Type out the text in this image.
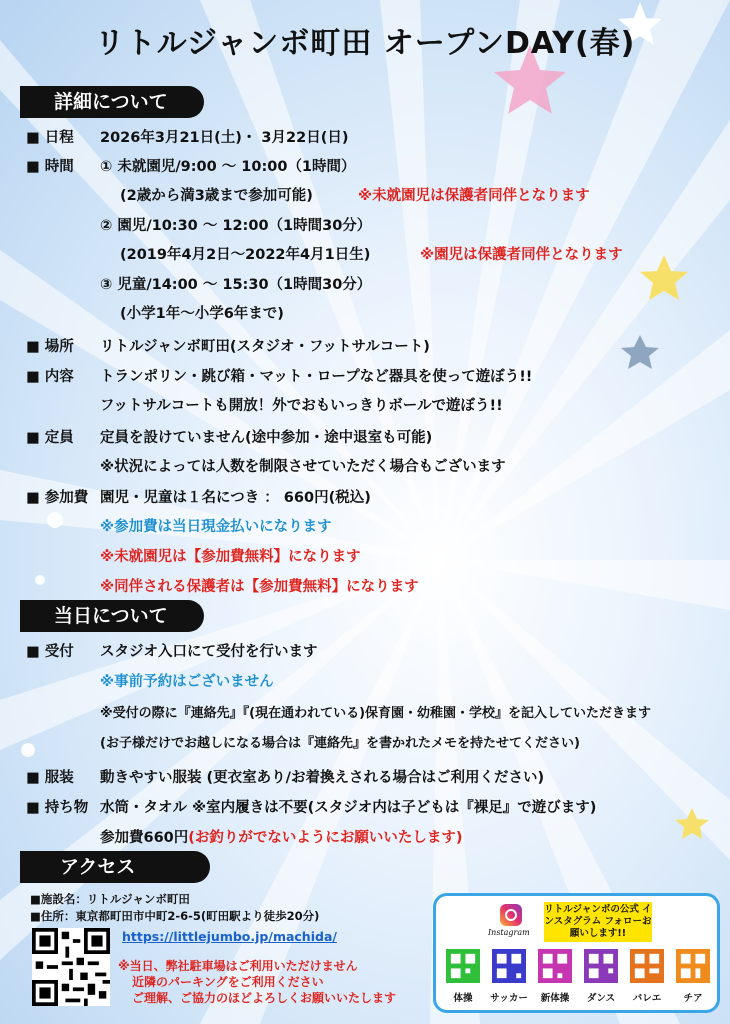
リトルジャンボ町田 オープンDAY(春)
詳細について
■ 日程 2026年3月21日(土)・ 3月22日(日)
■ 時間 ① 未就園児/9:00 〜 10:00（1時間）
(2歳から満3歳まで参加可能)	※未就園児は保護者同伴となります
② 園児/10:30 〜 12:00（1時間30分）
(2019年4月2日〜2022年4月1日生)	※園児は保護者同伴となります
③ 児童/14:00 〜 15:30（1時間30分）
(小学1年〜小学6年まで)
■ 場所 リトルジャンボ町田(スタジオ・フットサルコート)
■ 内容 トランポリン・跳び箱・マット・ロープなど器具を使って遊ぼう!!
フットサルコートも開放！外でおもいっきりボールで遊ぼう!!
■ 定員 定員を設けていません(途中参加・途中退室も可能)
※状況によっては人数を制限させていただく場合もございます
■ 参加費 園児・児童は１名につき ： 660円(税込)
※参加費は当日現金払いになります
※未就園児は【参加費無料】になります
※同伴される保護者は【参加費無料】になります
当日について
■ 受付 スタジオ入口にて受付を行います
※事前予約はございません
※受付の際に『連絡先』『(現在通われている)保育園・幼稚園・学校』を記入していただきます
(お子様だけでお越しになる場合は『連絡先』を書かれたメモを持たせてください)
■ 服装 動きやすい服装 (更衣室あり/お着換えされる場合はご利用ください)
■ 持ち物 水筒・タオル ※室内履きは不要(スタジオ内は子どもは『裸足』で遊びます)
参加費660円(お釣りがでないようにお願いいたします)
アクセス
■施設名：リトルジャンボ町田
■住所：東京都町田市中町2-6-5(町田駅より徒歩20分)
https://littlejumbo.jp/machida/
※当日、弊社駐車場はご利用いただけません
近隣のパーキングをご利用ください
ご理解、ご協力のほどよろしくお願いいたします
Instagram
リトルジャンボの公式 インスタグラム フォローお願いします!!
体操	サッカー	新体操	ダンス	バレエ	チア
